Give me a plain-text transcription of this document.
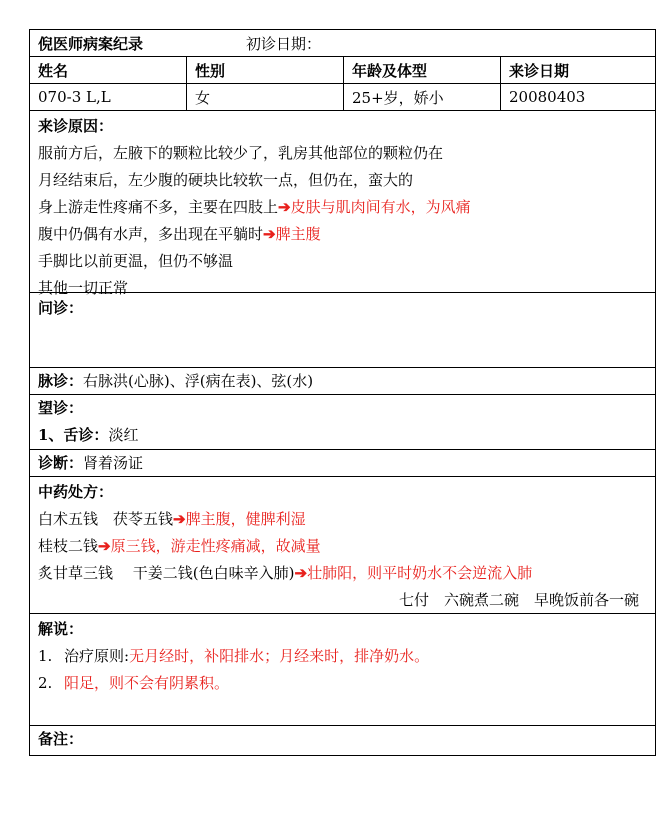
倪医师病案纪录	初诊日期：
姓名	性别	年龄及体型	来诊日期
070-3 L,L	女	25+岁，娇小	20080403
来诊原因：
服前方后，左腋下的颗粒比较少了，乳房其他部位的颗粒仍在
月经结束后，左少腹的硬块比较软一点，但仍在，蛮大的
身上游走性疼痛不多，主要在四肢上➔皮肤与肌肉间有水，为风痛
腹中仍偶有水声，多出现在平躺时➔脾主腹
手脚比以前更温，但仍不够温
其他一切正常
问诊：
脉诊：右脉洪(心脉)、浮(病在表)、弦(水)
望诊：
1、舌诊：淡红
诊断：肾着汤证
中药处方：
白术五钱　茯苓五钱➔脾主腹，健脾利湿
桂枝二钱➔原三钱，游走性疼痛减，故减量
炙甘草三钱　 干姜二钱(色白味辛入肺)➔壮肺阳，则平时奶水不会逆流入肺
七付　六碗煮二碗　早晚饭前各一碗
解说：
1. 治疗原则: 无月经时，补阳排水；月经来时，排净奶水。
2. 阳足，则不会有阴累积。
备注：
